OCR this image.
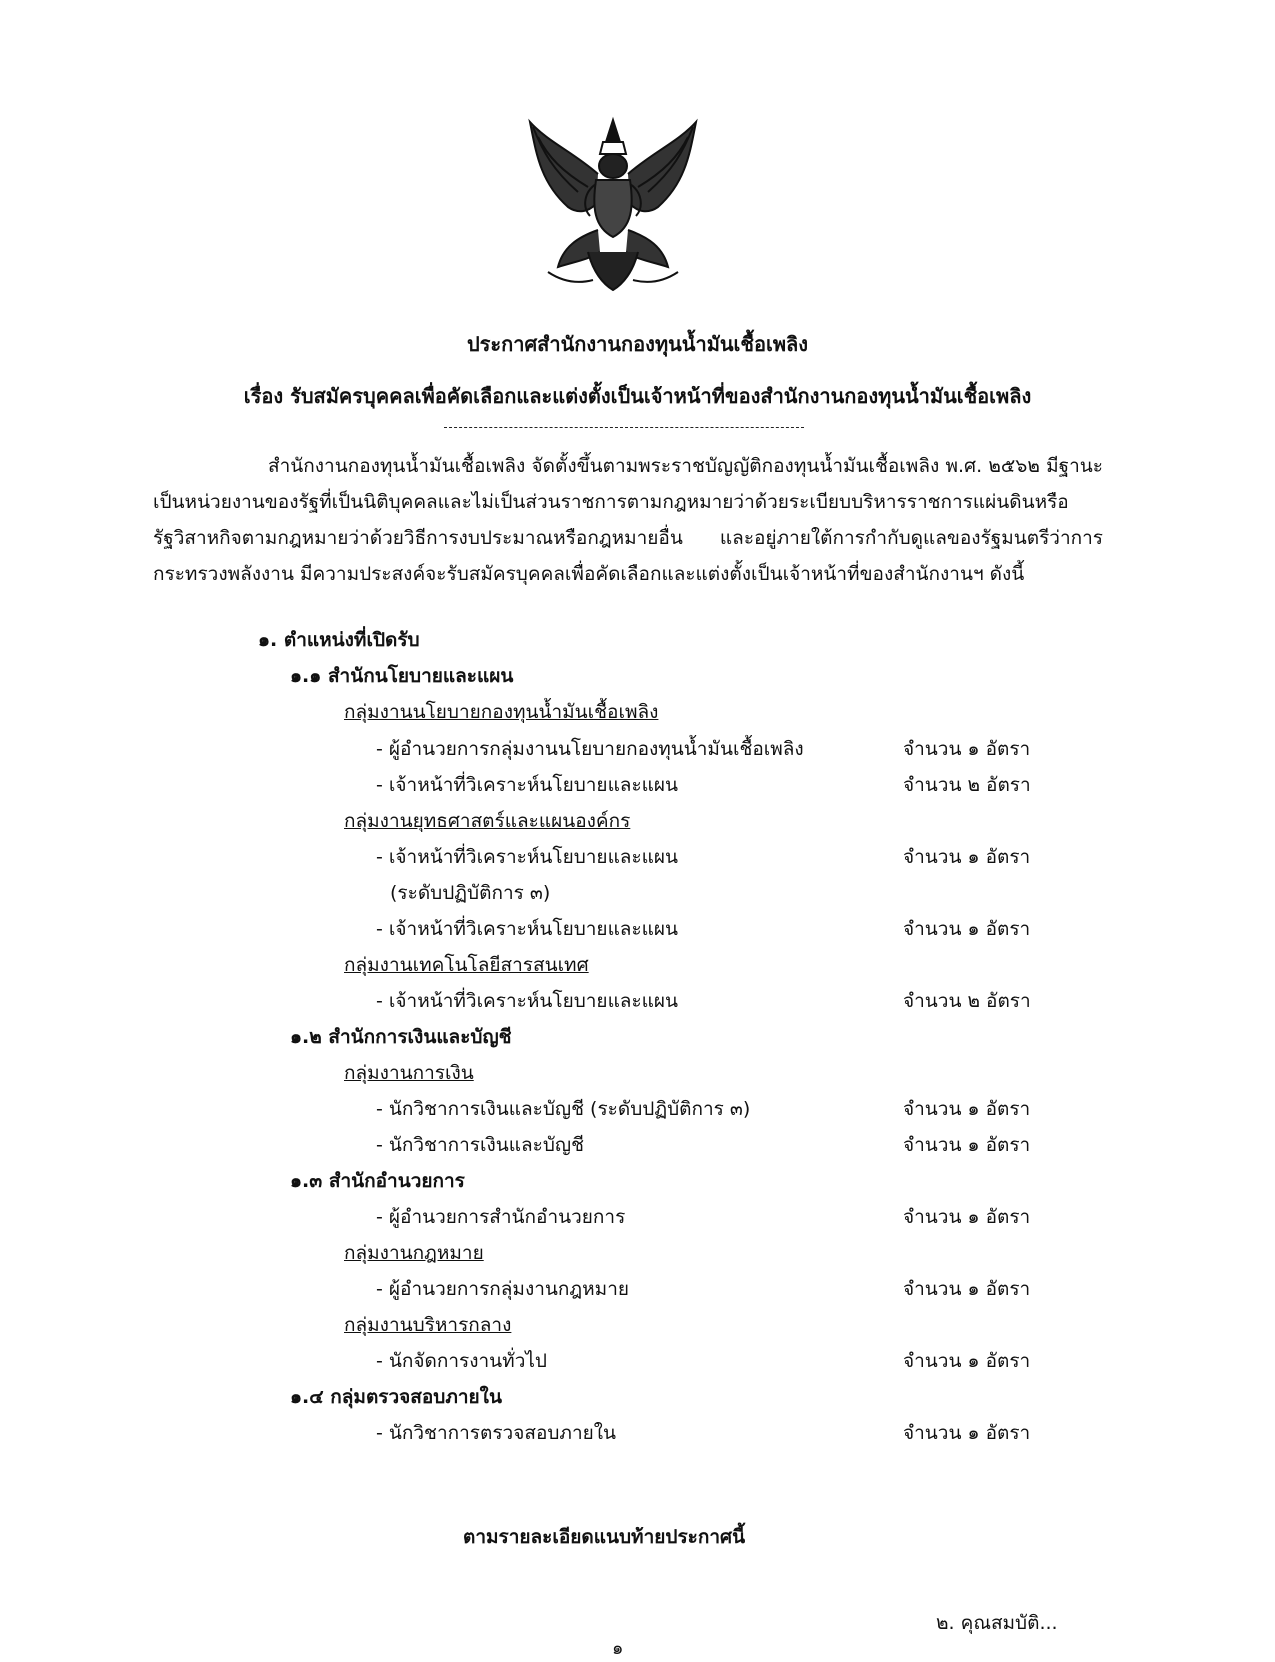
ประกาศสำนักงานกองทุนน้ำมันเชื้อเพลิง
เรื่อง รับสมัครบุคคลเพื่อคัดเลือกและแต่งตั้งเป็นเจ้าหน้าที่ของสำนักงานกองทุนน้ำมันเชื้อเพลิง
สำนักงานกองทุนน้ำมันเชื้อเพลิง จัดตั้งขึ้นตามพระราชบัญญัติกองทุนน้ำมันเชื้อเพลิง พ.ศ. ๒๕๖๒ มีฐานะเป็นหน่วยงานของรัฐที่เป็นนิติบุคคลและไม่เป็นส่วนราชการตามกฎหมายว่าด้วยระเบียบบริหารราชการแผ่นดินหรือรัฐวิสาหกิจตามกฎหมายว่าด้วยวิธีการงบประมาณหรือกฎหมายอื่น และอยู่ภายใต้การกำกับดูแลของรัฐมนตรีว่าการกระทรวงพลังงาน มีความประสงค์จะรับสมัครบุคคลเพื่อคัดเลือกและแต่งตั้งเป็นเจ้าหน้าที่ของสำนักงานฯ ดังนี้
๑. ตำแหน่งที่เปิดรับ
๑.๑ สำนักนโยบายและแผน
กลุ่มงานนโยบายกองทุนน้ำมันเชื้อเพลิง
- ผู้อำนวยการกลุ่มงานนโยบายกองทุนน้ำมันเชื้อเพลิง	จำนวน ๑ อัตรา
- เจ้าหน้าที่วิเคราะห์นโยบายและแผน	จำนวน ๒ อัตรา
กลุ่มงานยุทธศาสตร์และแผนองค์กร
- เจ้าหน้าที่วิเคราะห์นโยบายและแผน	จำนวน ๑ อัตรา
(ระดับปฏิบัติการ ๓)
- เจ้าหน้าที่วิเคราะห์นโยบายและแผน	จำนวน ๑ อัตรา
กลุ่มงานเทคโนโลยีสารสนเทศ
- เจ้าหน้าที่วิเคราะห์นโยบายและแผน	จำนวน ๒ อัตรา
๑.๒ สำนักการเงินและบัญชี
กลุ่มงานการเงิน
- นักวิชาการเงินและบัญชี (ระดับปฏิบัติการ ๓)	จำนวน ๑ อัตรา
- นักวิชาการเงินและบัญชี	จำนวน ๑ อัตรา
๑.๓ สำนักอำนวยการ
- ผู้อำนวยการสำนักอำนวยการ	จำนวน ๑ อัตรา
กลุ่มงานกฎหมาย
- ผู้อำนวยการกลุ่มงานกฎหมาย	จำนวน ๑ อัตรา
กลุ่มงานบริหารกลาง
- นักจัดการงานทั่วไป	จำนวน ๑ อัตรา
๑.๔ กลุ่มตรวจสอบภายใน
- นักวิชาการตรวจสอบภายใน	จำนวน ๑ อัตรา
ตามรายละเอียดแนบท้ายประกาศนี้
๒. คุณสมบัติ...
๑
